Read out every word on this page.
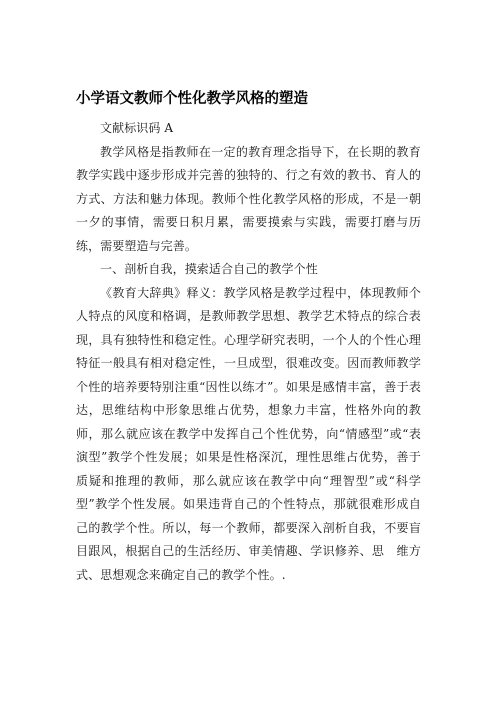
小学语文教师个性化教学风格的塑造

文献标识码 A

教学风格是指教师在一定的教育理念指导下，在长期的教育教学实践中逐步形成并完善的独特的、行之有效的教书、育人的方式、方法和魅力体现。教师个性化教学风格的形成，不是一朝一夕的事情，需要日积月累，需要摸索与实践，需要打磨与历练，需要塑造与完善。

一、剖析自我，摸索适合自己的教学个性

《教育大辞典》释义：教学风格是教学过程中，体现教师个人特点的风度和格调，是教师教学思想、教学艺术特点的综合表现，具有独特性和稳定性。心理学研究表明，一个人的个性心理特征一般具有相对稳定性，一旦成型，很难改变。因而教师教学个性的培养要特别注重“因性以练才”。如果是感情丰富，善于表达，思维结构中形象思维占优势，想象力丰富，性格外向的教师，那么就应该在教学中发挥自己个性优势，向“情感型”或“表演型”教学个性发展；如果是性格深沉，理性思维占优势，善于质疑和推理的教师，那么就应该在教学中向“理智型”或“科学型”教学个性发展。如果违背自己的个性特点，那就很难形成自己的教学个性。所以，每一个教师，都要深入剖析自我，不要盲目跟风，根据自己的生活经历、审美情趣、学识修养、思　维方式、思想观念来确定自己的教学个性。.
